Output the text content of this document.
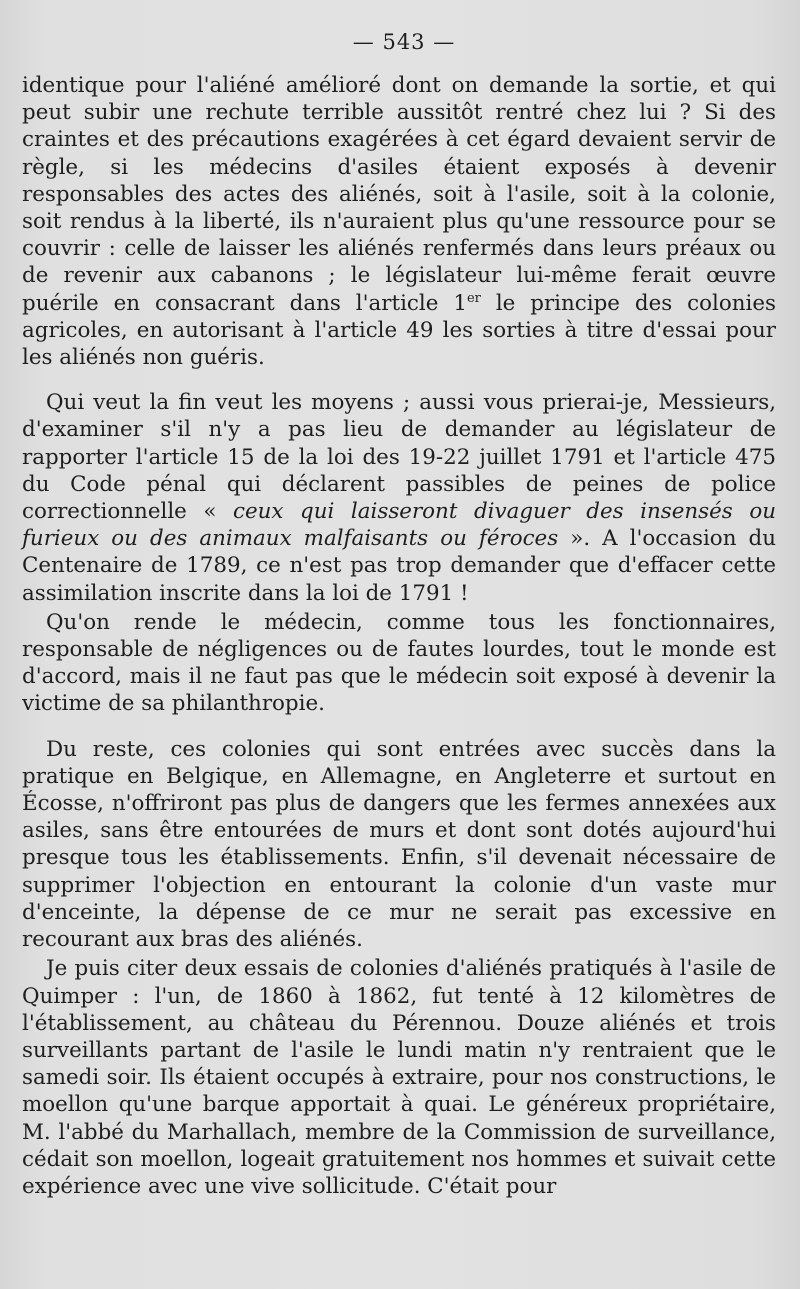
— 543 —

identique pour l'aliéné amélioré dont on demande la sortie, et qui peut subir une rechute terrible aussitôt rentré chez lui ? Si des craintes et des précautions exagérées à cet égard devaient servir de règle, si les médecins d'asiles étaient exposés à devenir responsables des actes des aliénés, soit à l'asile, soit à la colonie, soit rendus à la liberté, ils n'auraient plus qu'une ressource pour se couvrir : celle de laisser les aliénés renfermés dans leurs préaux ou de revenir aux cabanons ; le législateur lui-même ferait œuvre puérile en consacrant dans l'article 1er le principe des colonies agricoles, en autorisant à l'article 49 les sorties à titre d'essai pour les aliénés non guéris.

Qui veut la fin veut les moyens ; aussi vous prierai-je, Messieurs, d'examiner s'il n'y a pas lieu de demander au législateur de rapporter l'article 15 de la loi des 19-22 juillet 1791 et l'article 475 du Code pénal qui déclarent passibles de peines de police correctionnelle « ceux qui laisseront divaguer des insensés ou furieux ou des animaux malfaisants ou féroces ». A l'occasion du Centenaire de 1789, ce n'est pas trop demander que d'effacer cette assimilation inscrite dans la loi de 1791 !

Qu'on rende le médecin, comme tous les fonctionnaires, responsable de négligences ou de fautes lourdes, tout le monde est d'accord, mais il ne faut pas que le médecin soit exposé à devenir la victime de sa philanthropie.

Du reste, ces colonies qui sont entrées avec succès dans la pratique en Belgique, en Allemagne, en Angleterre et surtout en Écosse, n'offriront pas plus de dangers que les fermes annexées aux asiles, sans être entourées de murs et dont sont dotés aujourd'hui presque tous les établissements. Enfin, s'il devenait nécessaire de supprimer l'objection en entourant la colonie d'un vaste mur d'enceinte, la dépense de ce mur ne serait pas excessive en recourant aux bras des aliénés.

Je puis citer deux essais de colonies d'aliénés pratiqués à l'asile de Quimper : l'un, de 1860 à 1862, fut tenté à 12 kilomètres de l'établissement, au château du Pérennou. Douze aliénés et trois surveillants partant de l'asile le lundi matin n'y rentraient que le samedi soir. Ils étaient occupés à extraire, pour nos constructions, le moellon qu'une barque apportait à quai. Le généreux propriétaire, M. l'abbé du Marhallach, membre de la Commission de surveillance, cédait son moellon, logeait gratuitement nos hommes et suivait cette expérience avec une vive sollicitude. C'était pour
